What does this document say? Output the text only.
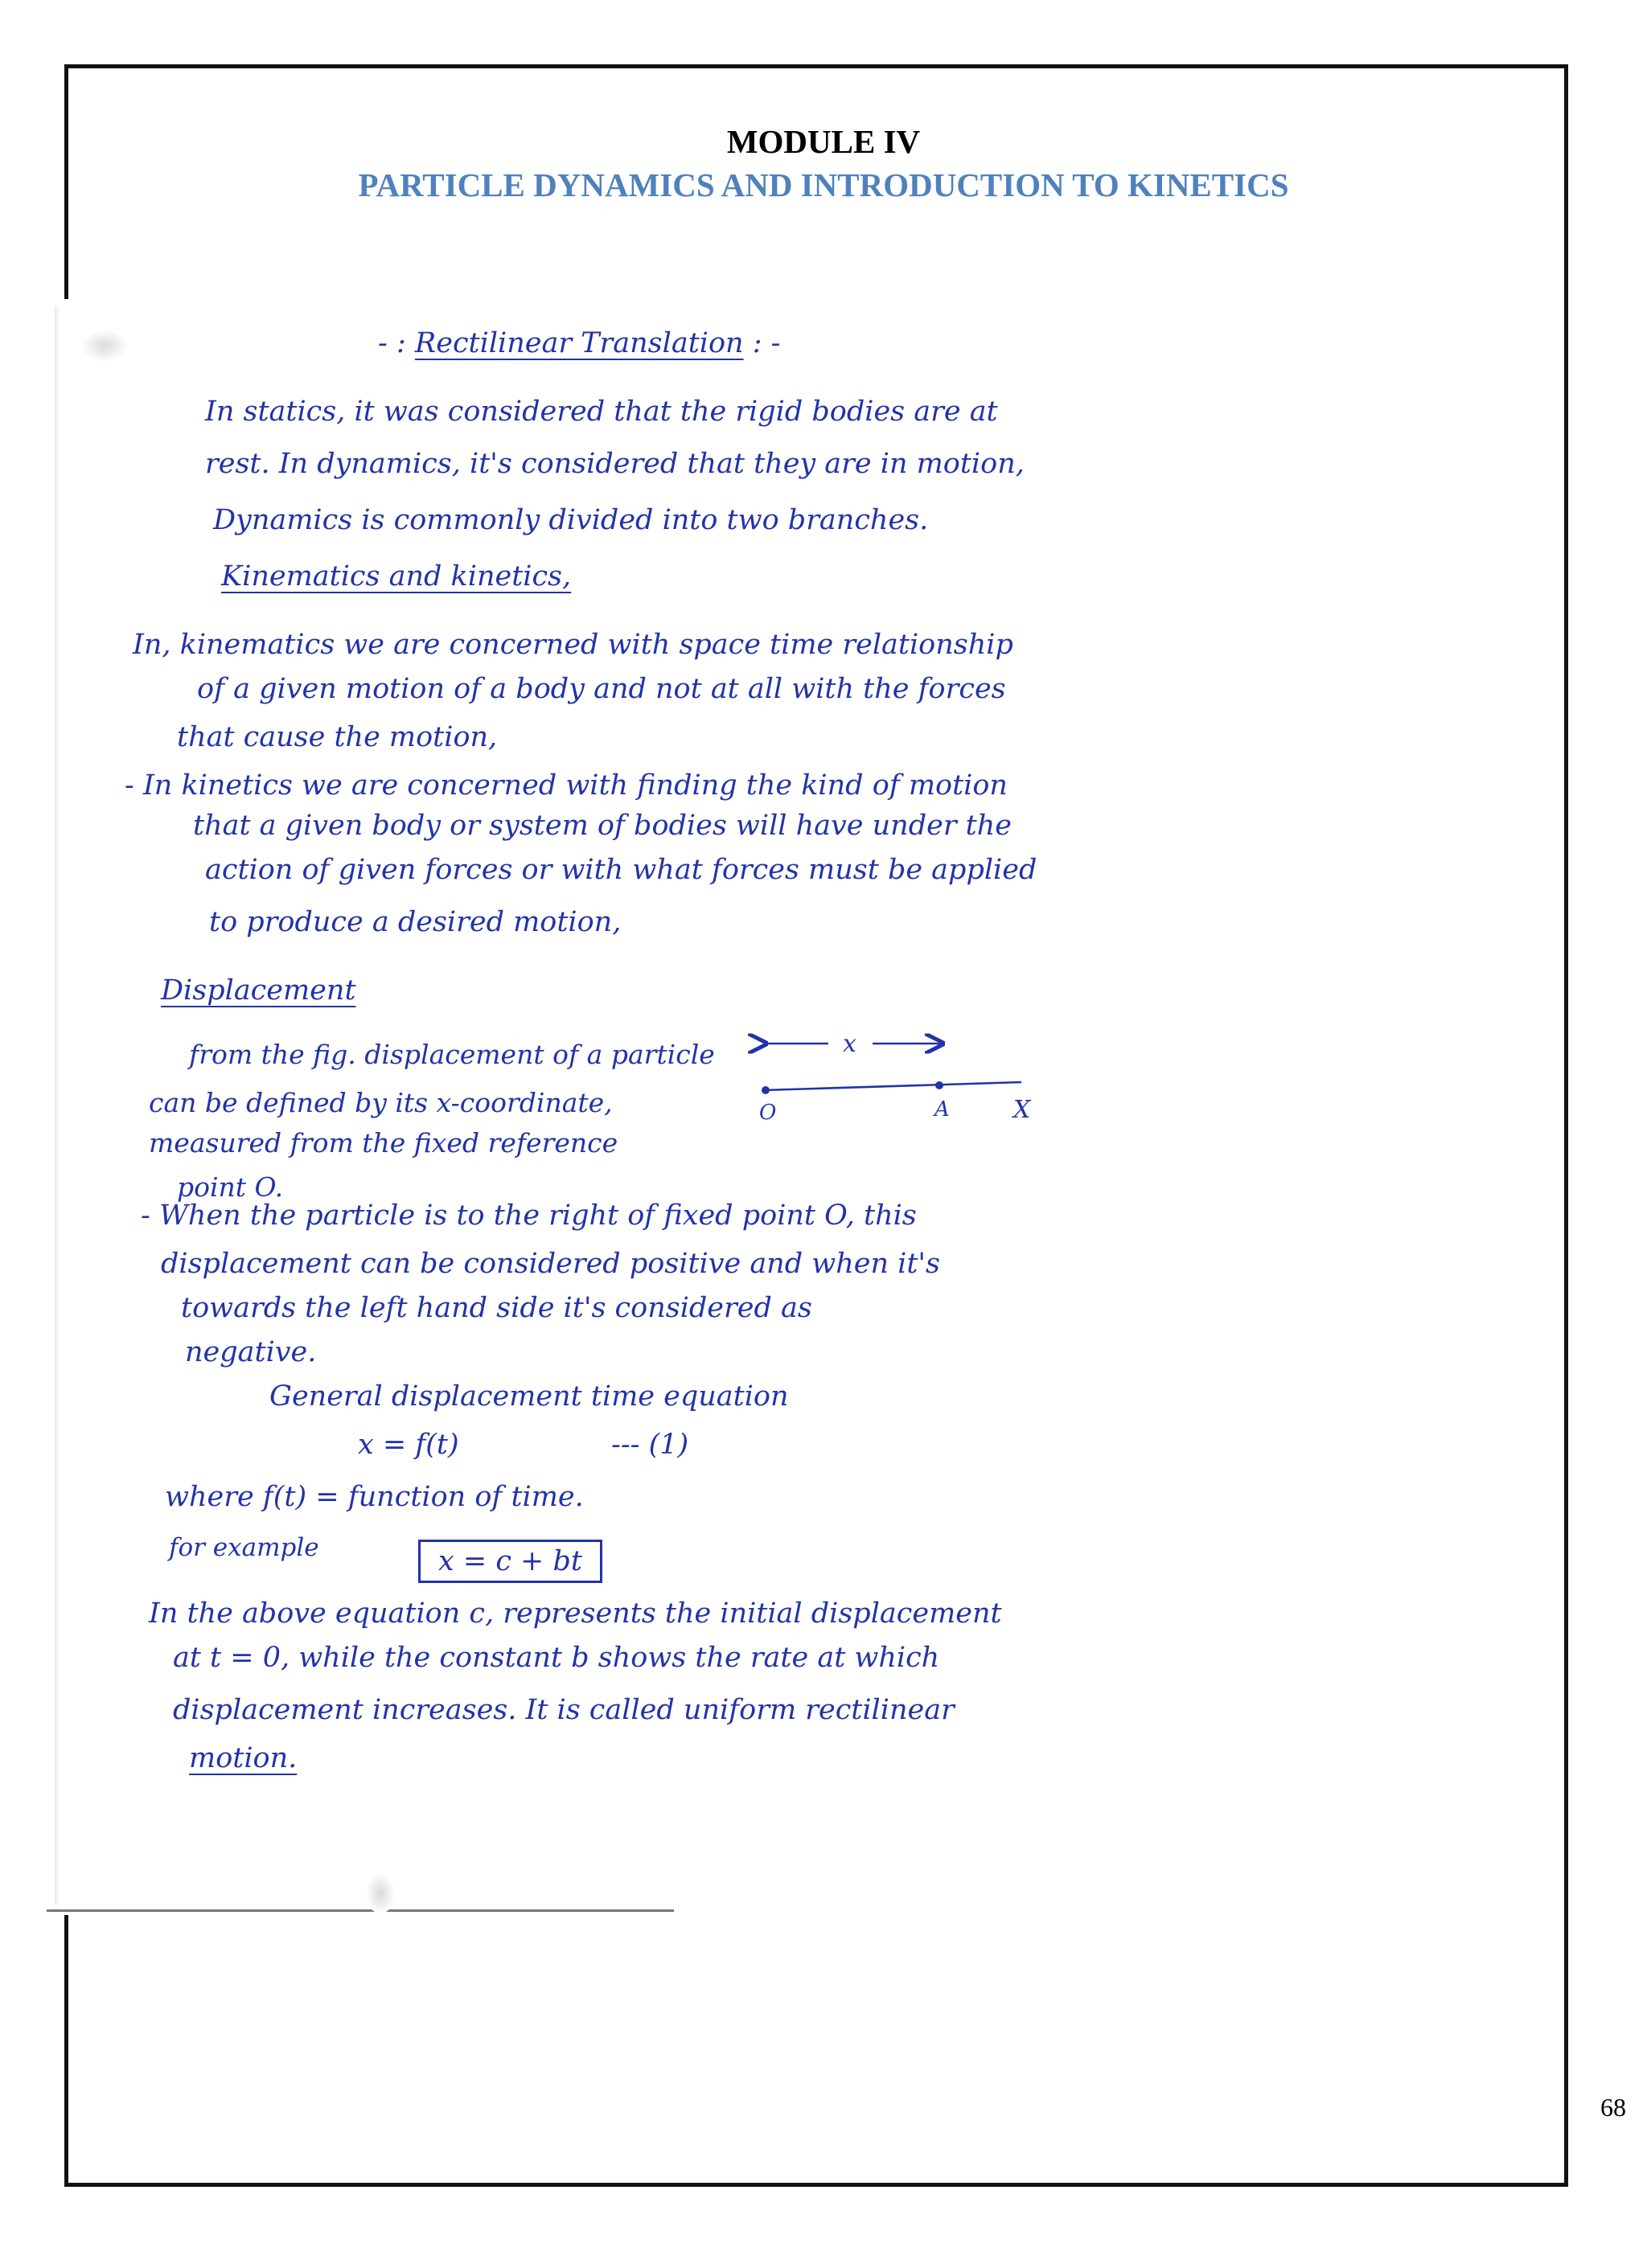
MODULE IV
PARTICLE DYNAMICS AND INTRODUCTION TO KINETICS
- : Rectilinear Translation : -
In statics, it was considered that the rigid bodies are at
rest. In dynamics, it's considered that they are in motion,
Dynamics is commonly divided into two branches.
Kinematics and kinetics,
In, kinematics we are concerned with space time relationship
of a given motion of a body and not at all with the forces
that cause the motion,
- In kinetics we are concerned with finding the kind of motion
that a given body or system of bodies will have under the
action of given forces or with what forces must be applied
to produce a desired motion,
Displacement
from the fig. displacement of a particle
can be defined by its x-coordinate,
measured from the fixed reference
point O.
x
O	A	X
- When the particle is to the right of fixed point O, this
displacement can be considered positive and when it's
towards the left hand side it's considered as
negative.
General displacement time equation
x = f(t)	--- (1)
where f(t) = function of time.
for example	x = c + bt
In the above equation c, represents the initial displacement
at t = 0, while the constant b shows the rate at which
displacement increases. It is called uniform rectilinear
motion.
68
